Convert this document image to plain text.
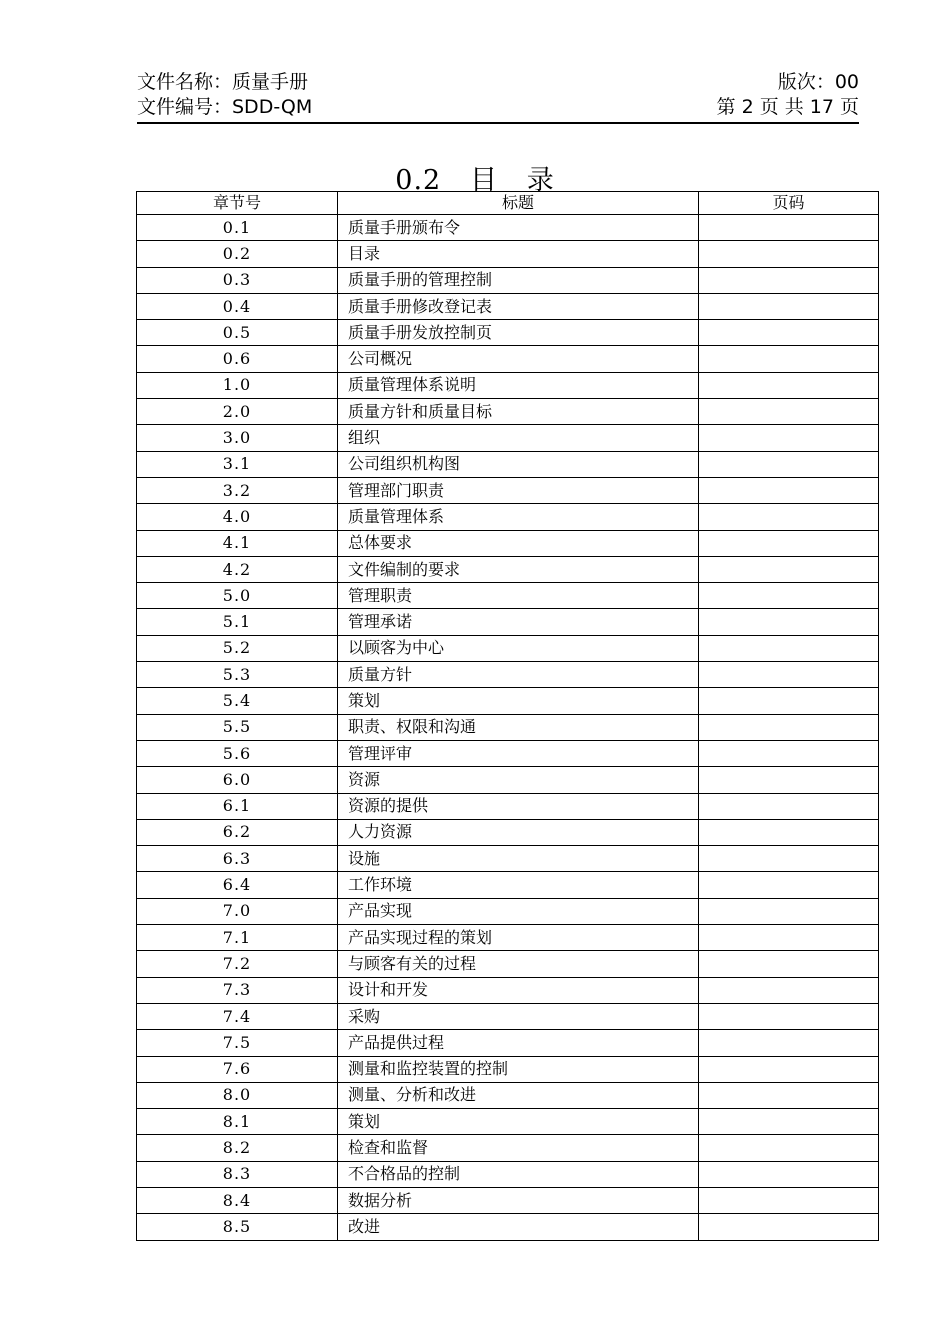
文件名称：质量手册	版次：00
文件编号：SDD-QM	第 2 页 共 17 页
0.2   目   录
章节号	标题	页码
0.1	质量手册颁布令	
0.2	目录	
0.3	质量手册的管理控制	
0.4	质量手册修改登记表	
0.5	质量手册发放控制页	
0.6	公司概况	
1.0	质量管理体系说明	
2.0	质量方针和质量目标	
3.0	组织	
3.1	公司组织机构图	
3.2	管理部门职责	
4.0	质量管理体系	
4.1	总体要求	
4.2	文件编制的要求	
5.0	管理职责	
5.1	管理承诺	
5.2	以顾客为中心	
5.3	质量方针	
5.4	策划	
5.5	职责、权限和沟通	
5.6	管理评审	
6.0	资源	
6.1	资源的提供	
6.2	人力资源	
6.3	设施	
6.4	工作环境	
7.0	产品实现	
7.1	产品实现过程的策划	
7.2	与顾客有关的过程	
7.3	设计和开发	
7.4	采购	
7.5	产品提供过程	
7.6	测量和监控装置的控制	
8.0	测量、分析和改进	
8.1	策划	
8.2	检查和监督	
8.3	不合格品的控制	
8.4	数据分析	
8.5	改进	
